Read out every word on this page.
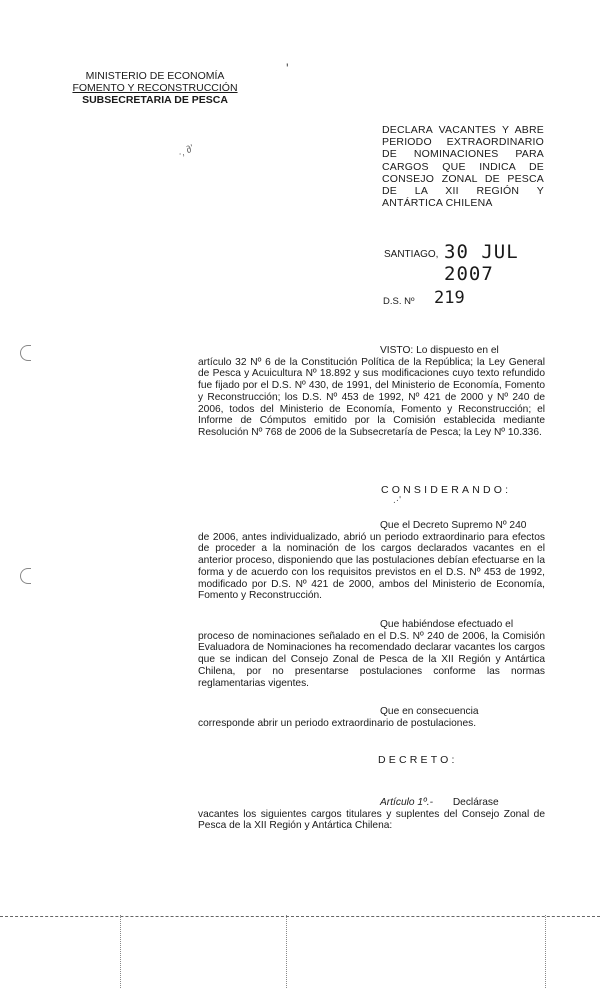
MINISTERIO DE ECONOMÍA
FOMENTO Y RECONSTRUCCIÓN
SUBSECRETARIA DE PESCA
'
·, ∂'
DECLARA VACANTES Y ABRE
PERIODO EXTRAORDINARIO
DE NOMINACIONES PARA
CARGOS QUE INDICA DE
CONSEJO ZONAL DE PESCA
DE LA XII REGIÓN Y
ANTÁRTICA CHILENA
SANTIAGO, 30 JUL 2007
D.S. Nº 219
VISTO: Lo dispuesto en el
artículo 32 Nº 6 de la Constitución Política de la República; la Ley General de Pesca y Acuicultura Nº 18.892 y sus modificaciones cuyo texto refundido fue fijado por el D.S. Nº 430, de 1991, del Ministerio de Economía, Fomento y Reconstrucción; los D.S. Nº 453 de 1992, Nº 421 de 2000 y Nº 240 de 2006, todos del Ministerio de Economía, Fomento y Reconstrucción; el Informe de Cómputos emitido por la Comisión establecida mediante Resolución Nº 768 de 2006 de la Subsecretaría de Pesca; la Ley Nº 10.336.
CONSIDERANDO:
.·'
Que el Decreto Supremo Nº 240
de 2006, antes individualizado, abrió un periodo extraordinario para efectos de proceder a la nominación de los cargos declarados vacantes en el anterior proceso, disponiendo que las postulaciones debían efectuarse en la forma y de acuerdo con los requisitos previstos en el D.S. Nº 453 de 1992, modificado por D.S. Nº 421 de 2000, ambos del Ministerio de Economía, Fomento y Reconstrucción.
Que habiéndose efectuado el
proceso de nominaciones señalado en el D.S. Nº 240 de 2006, la Comisión Evaluadora de Nominaciones ha recomendado declarar vacantes los cargos que se indican del Consejo Zonal de Pesca de la XII Región y Antártica Chilena, por no presentarse postulaciones conforme las normas reglamentarias vigentes.
Que en consecuencia
corresponde abrir un periodo extraordinario de postulaciones.
DECRETO:
Artículo 1º.- Declárase
vacantes los siguientes cargos titulares y suplentes del Consejo Zonal de Pesca de la XII Región y Antártica Chilena:
